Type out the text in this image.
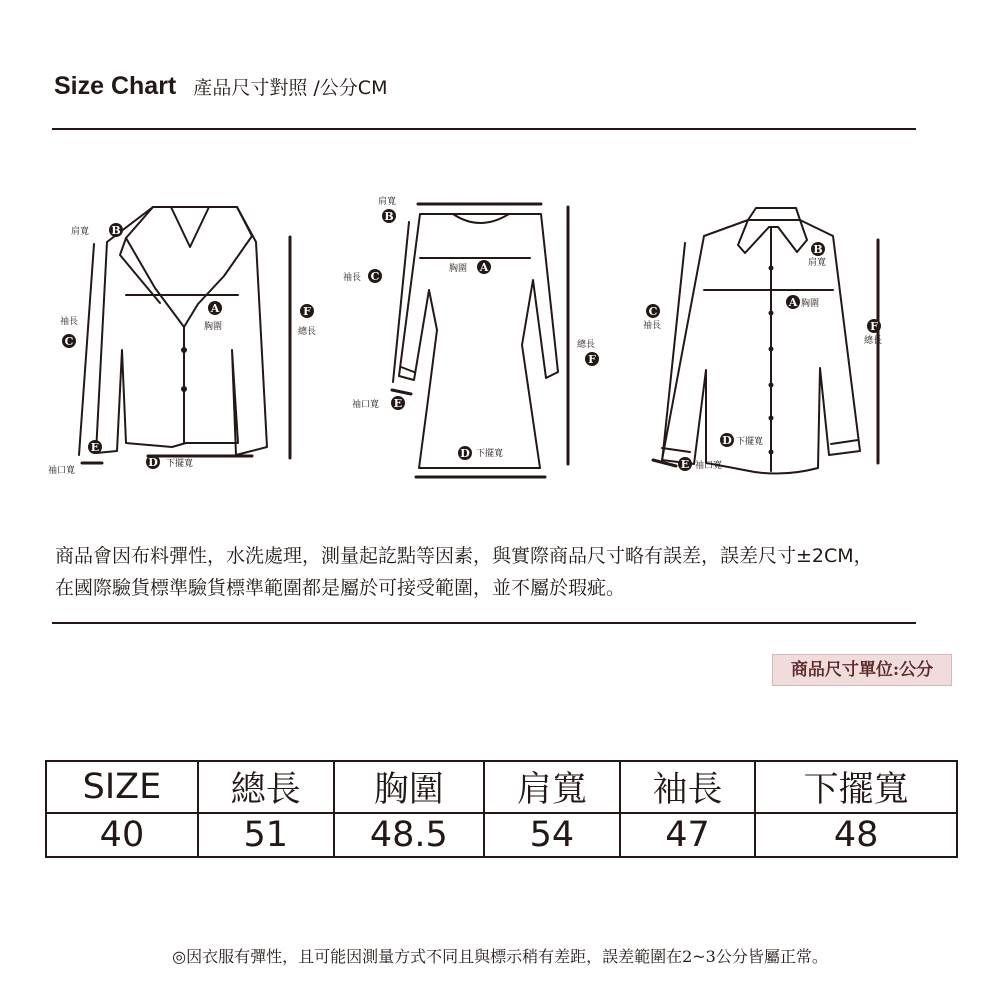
Size Chart 產品尺寸對照 /公分CM
肩寬
袖長	胸圍	總長
袖口寬
下擺寬
肩寬
胸圍
袖長
總長
袖口寬
下擺寬
肩寬
胸圍
袖長
總長
下擺寬
袖口寬
B
C
A	F
E
D
B
A
C
F
E
D
B
A
C
F
D
E
商品會因布料彈性，水洗處理，測量起訖點等因素，與實際商品尺寸略有誤差，誤差尺寸±2CM，
在國際驗貨標準驗貨標準範圍都是屬於可接受範圍，並不屬於瑕疵。
商品尺寸單位:公分
SIZE	總長	胸圍	肩寬	袖長	下擺寬
40	51	48.5	54	47	48
◎因衣服有彈性，且可能因測量方式不同且與標示稍有差距，誤差範圍在2~3公分皆屬正常。
